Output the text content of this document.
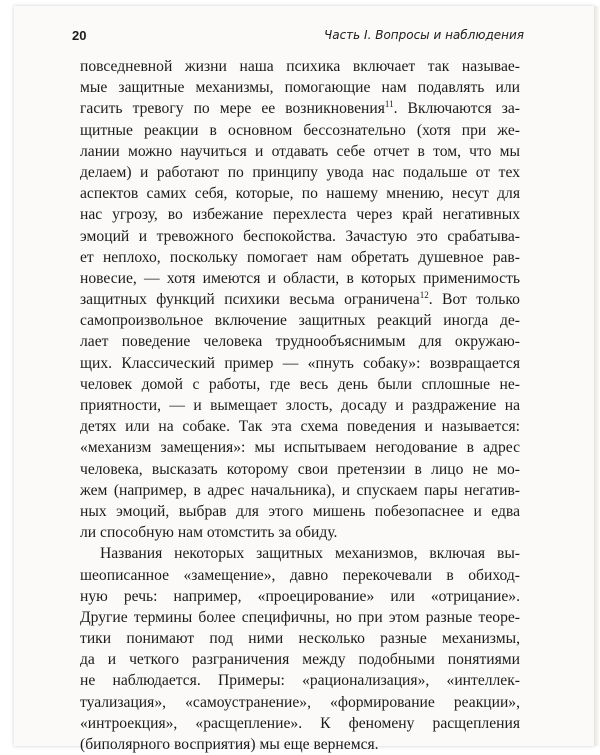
20	Часть I. Вопросы и наблюдения
повседневной жизни наша психика включает так называе-
мые защитные механизмы, помогающие нам подавлять или
гасить тревогу по мере ее возникновения$^{11}$. Включаются за-
щитные реакции в основном бессознательно (хотя при же-
лании можно научиться и отдавать себе отчет в том, что мы
делаем) и работают по принципу увода нас подальше от тех
аспектов самих себя, которые, по нашему мнению, несут для
нас угрозу, во избежание перехлеста через край негативных
эмоций и тревожного беспокойства. Зачастую это срабатыва-
ет неплохо, поскольку помогает нам обретать душевное рав-
новесие, — хотя имеются и области, в которых применимость
защитных функций психики весьма ограничена$^{12}$. Вот только
самопроизвольное включение защитных реакций иногда де-
лает поведение человека труднообъяснимым для окружаю-
щих. Классический пример — «пнуть собаку»: возвращается
человек домой с работы, где весь день были сплошные не-
приятности, — и вымещает злость, досаду и раздражение на
детях или на собаке. Так эта схема поведения и называется:
«механизм замещения»: мы испытываем негодование в адрес
человека, высказать которому свои претензии в лицо не мо-
жем (например, в адрес начальника), и спускаем пары негатив-
ных эмоций, выбрав для этого мишень побезопаснее и едва
ли способную нам отомстить за обиду.
Названия некоторых защитных механизмов, включая вы-
шеописанное «замещение», давно перекочевали в обиход-
ную речь: например, «проецирование» или «отрицание».
Другие термины более специфичны, но при этом разные теоре-
тики понимают под ними несколько разные механизмы,
да и четкого разграничения между подобными понятиями
не наблюдается. Примеры: «рационализация», «интеллек-
туализация», «самоустранение», «формирование реакции»,
«интроекция», «расщепление». К феномену расщепления
(биполярного восприятия) мы еще вернемся.
